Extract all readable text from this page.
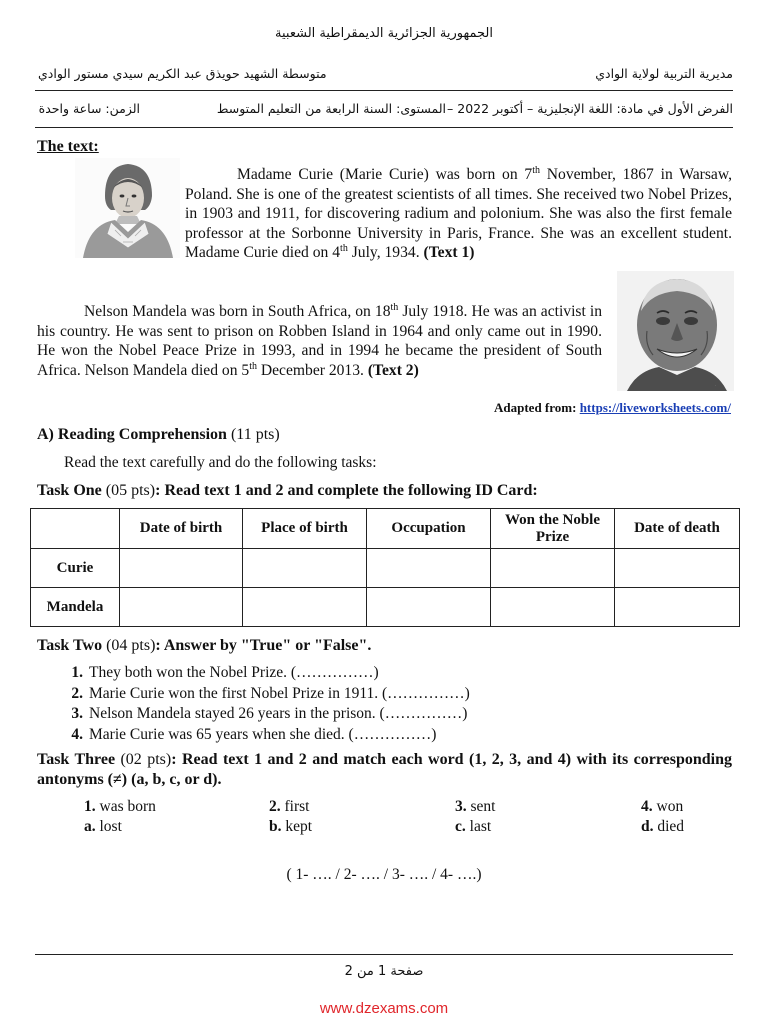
الجمهورية الجزائرية الديمقراطية الشعبية
مديرية التربية لولاية الوادي
متوسطة الشهيد حويذق عبد الكريم سيدي مستور الوادي
الفرض الأول في مادة: اللغة الإنجليزية – أكتوبر 2022 –
المستوى: السنة الرابعة من التعليم المتوسط
الزمن: ساعة واحدة
The text:

Madame Curie (Marie Curie) was born on 7th November, 1867 in Warsaw, Poland. She is one of the greatest scientists of all times. She received two Nobel Prizes, in 1903 and 1911, for discovering radium and polonium. She was also the first female professor at the Sorbonne University in Paris, France. She was an excellent student. Madame Curie died on 4th July, 1934. (Text 1)

·

Nelson Mandela was born in South Africa, on 18th July 1918. He was an activist in his country. He was sent to prison on Robben Island in 1964 and only came out in 1990. He won the Nobel Peace Prize in 1993, and in 1994 he became the president of South Africa. Nelson Mandela died on 5th December 2013. (Text 2)

Adapted from: https://liveworksheets.com/
A) Reading Comprehension (11 pts)
Read the text carefully and do the following tasks:
Task One (05 pts): Read text 1 and 2 and complete the following ID Card:
	Date of birth	Place of birth	Occupation	Won the Noble Prize	Date of death
Curie					
Mandela					
Task Two (04 pts): Answer by "True" or "False".
1. They both won the Nobel Prize. (……………)
2. Marie Curie won the first Nobel Prize in 1911. (……………)
3. Nelson Mandela stayed 26 years in the prison. (……………)
4. Marie Curie was 65 years when she died. (……………)
Task Three (02 pts): Read text 1 and 2 and match each word (1, 2, 3, and 4) with its corresponding antonyms (≠) (a, b, c, or d).
1. was born	2. first	3. sent	4. won
a. lost	b. kept	c. last	d. died
( 1- …. / 2- …. / 3- …. / 4- ….)
صفحة 1 من 2
www.dzexams.com
